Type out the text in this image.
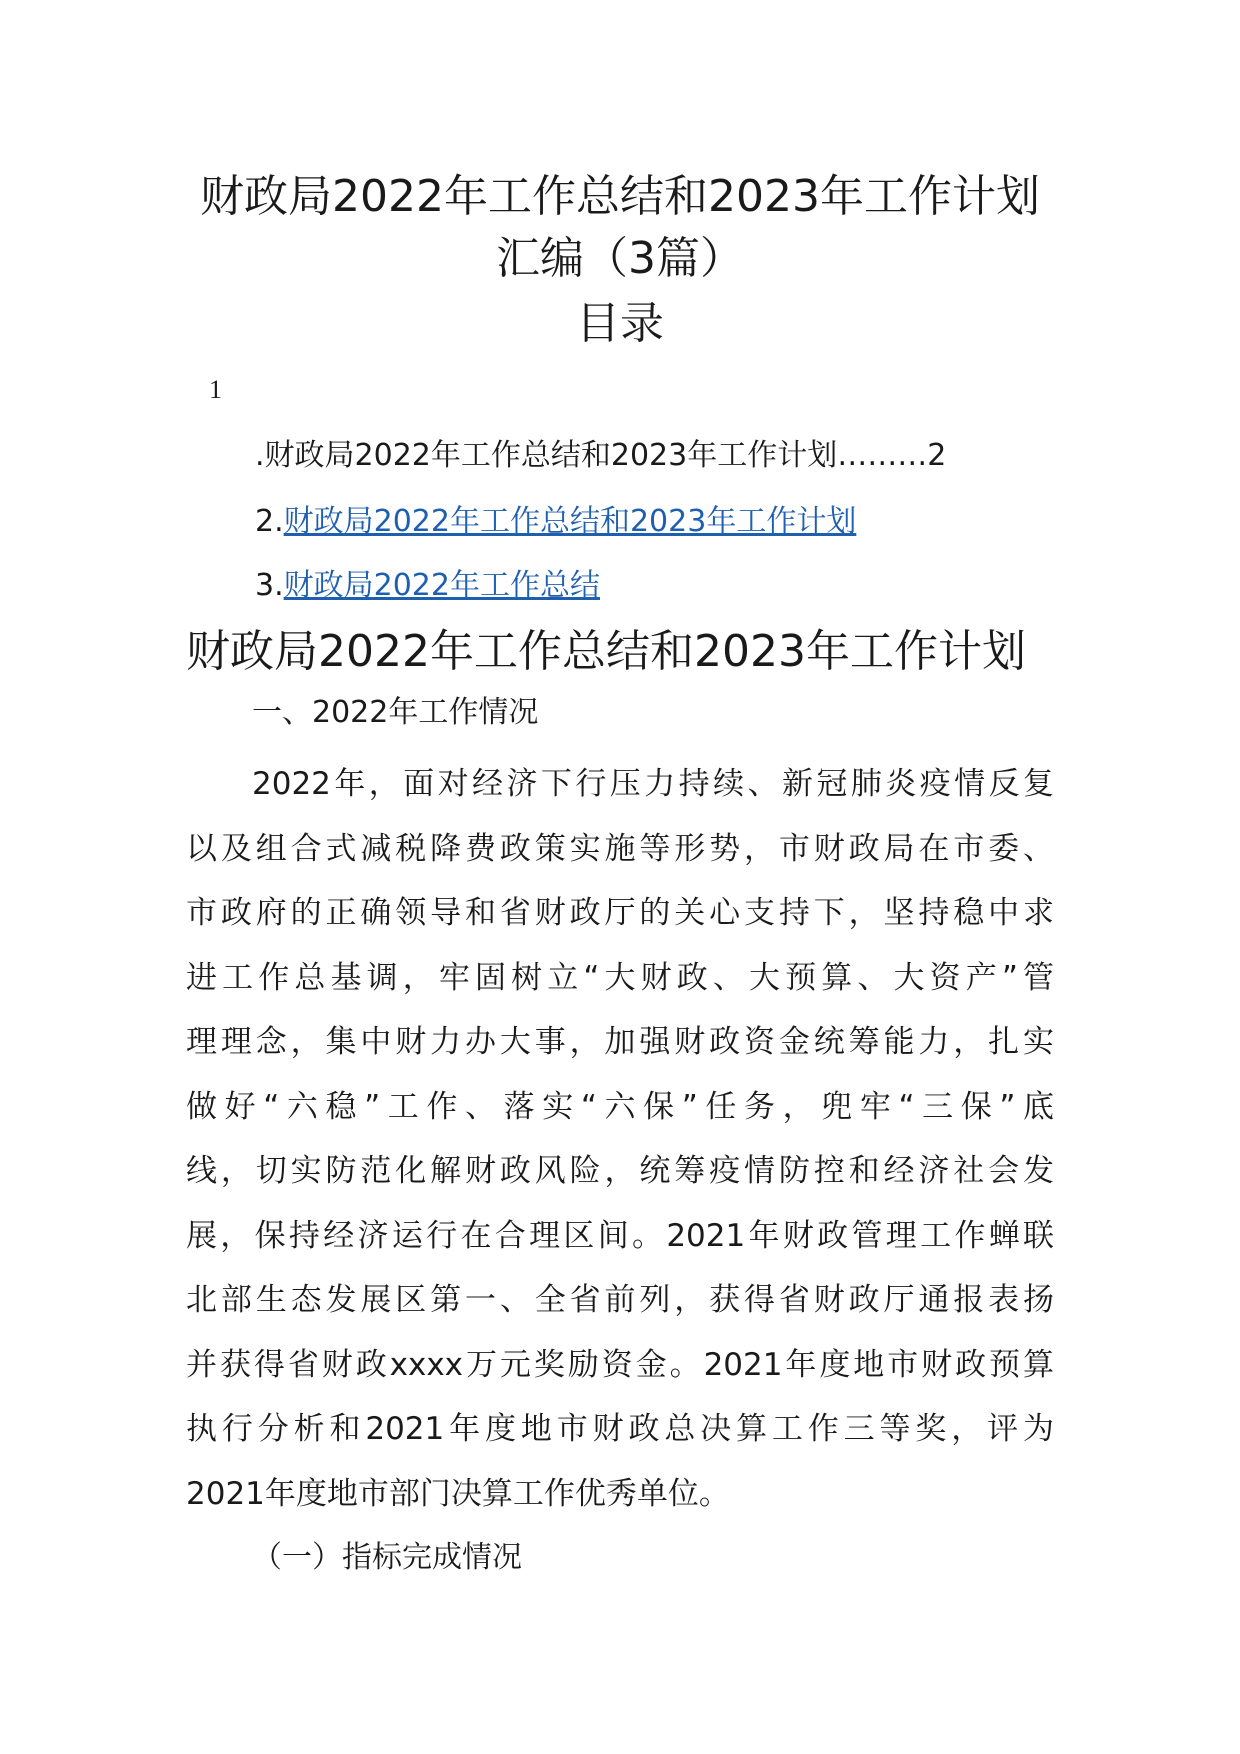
财政局2022年工作总结和2023年工作计划
汇编（3篇）
目录
1
.财政局2022年工作总结和2023年工作计划………2
2.财政局2022年工作总结和2023年工作计划
3.财政局2022年工作总结
财政局2022年工作总结和2023年工作计划
一、2022年工作情况
2022年，面对经济下行压力持续、新冠肺炎疫情反复
以及组合式减税降费政策实施等形势，市财政局在市委、
市政府的正确领导和省财政厅的关心支持下，坚持稳中求
进工作总基调，牢固树立“大财政、大预算、大资产”管
理理念，集中财力办大事，加强财政资金统筹能力，扎实
做好“六稳”工作、落实“六保”任务，兜牢“三保”底
线，切实防范化解财政风险，统筹疫情防控和经济社会发
展，保持经济运行在合理区间。2021年财政管理工作蝉联
北部生态发展区第一、全省前列，获得省财政厅通报表扬
并获得省财政xxxx万元奖励资金。2021年度地市财政预算
执行分析和2021年度地市财政总决算工作三等奖，评为
2021年度地市部门决算工作优秀单位。
（一）指标完成情况
